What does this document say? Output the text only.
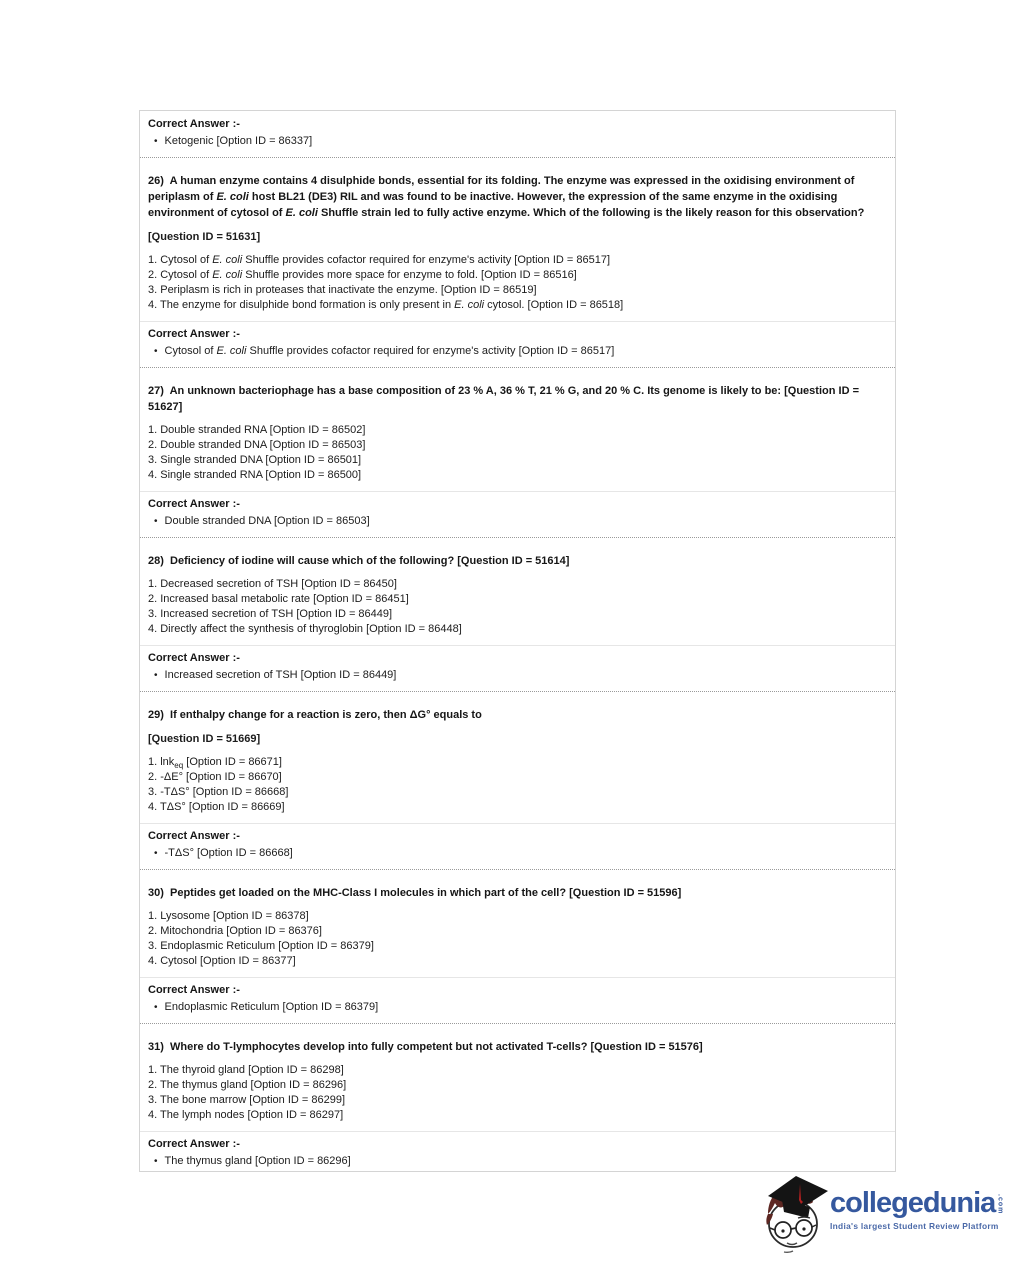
Correct Answer :-

• Ketogenic [Option ID = 86337]

26)  A human enzyme contains 4 disulphide bonds, essential for its folding. The enzyme was expressed in the oxidising environment of periplasm of E. coli host BL21 (DE3) RIL and was found to be inactive. However, the expression of the same enzyme in the oxidising environment of cytosol of E. coli Shuffle strain led to fully active enzyme. Which of the following is the likely reason for this observation?

[Question ID = 51631]

1. Cytosol of E. coli Shuffle provides cofactor required for enzyme's activity [Option ID = 86517]

2. Cytosol of E. coli Shuffle provides more space for enzyme to fold. [Option ID = 86516]

3. Periplasm is rich in proteases that inactivate the enzyme. [Option ID = 86519]

4. The enzyme for disulphide bond formation is only present in E. coli cytosol. [Option ID = 86518]

Correct Answer :-

• Cytosol of E. coli Shuffle provides cofactor required for enzyme's activity [Option ID = 86517]

27)  An unknown bacteriophage has a base composition of 23 % A, 36 % T, 21 % G, and 20 % C. Its genome is likely to be: [Question ID = 51627]

1. Double stranded RNA [Option ID = 86502]

2. Double stranded DNA [Option ID = 86503]

3. Single stranded DNA [Option ID = 86501]

4. Single stranded RNA [Option ID = 86500]

Correct Answer :-

• Double stranded DNA [Option ID = 86503]

28)  Deficiency of iodine will cause which of the following? [Question ID = 51614]

1. Decreased secretion of TSH [Option ID = 86450]

2. Increased basal metabolic rate [Option ID = 86451]

3. Increased secretion of TSH [Option ID = 86449]

4. Directly affect the synthesis of thyroglobin [Option ID = 86448]

Correct Answer :-

• Increased secretion of TSH [Option ID = 86449]

29)  If enthalpy change for a reaction is zero, then ΔG° equals to

[Question ID = 51669]

1. lnk$_{eq}$ [Option ID = 86671]

2. -ΔE° [Option ID = 86670]

3. -TΔS° [Option ID = 86668]

4. TΔS° [Option ID = 86669]

Correct Answer :-

• -TΔS° [Option ID = 86668]

30)  Peptides get loaded on the MHC-Class I molecules in which part of the cell? [Question ID = 51596]

1. Lysosome [Option ID = 86378]

2. Mitochondria [Option ID = 86376]

3. Endoplasmic Reticulum [Option ID = 86379]

4. Cytosol [Option ID = 86377]

Correct Answer :-

• Endoplasmic Reticulum [Option ID = 86379]

31)  Where do T-lymphocytes develop into fully competent but not activated T-cells? [Question ID = 51576]

1. The thyroid gland [Option ID = 86298]

2. The thymus gland [Option ID = 86296]

3. The bone marrow [Option ID = 86299]

4. The lymph nodes [Option ID = 86297]

Correct Answer :-

• The thymus gland [Option ID = 86296]

collegedunia .com
India's largest Student Review Platform
